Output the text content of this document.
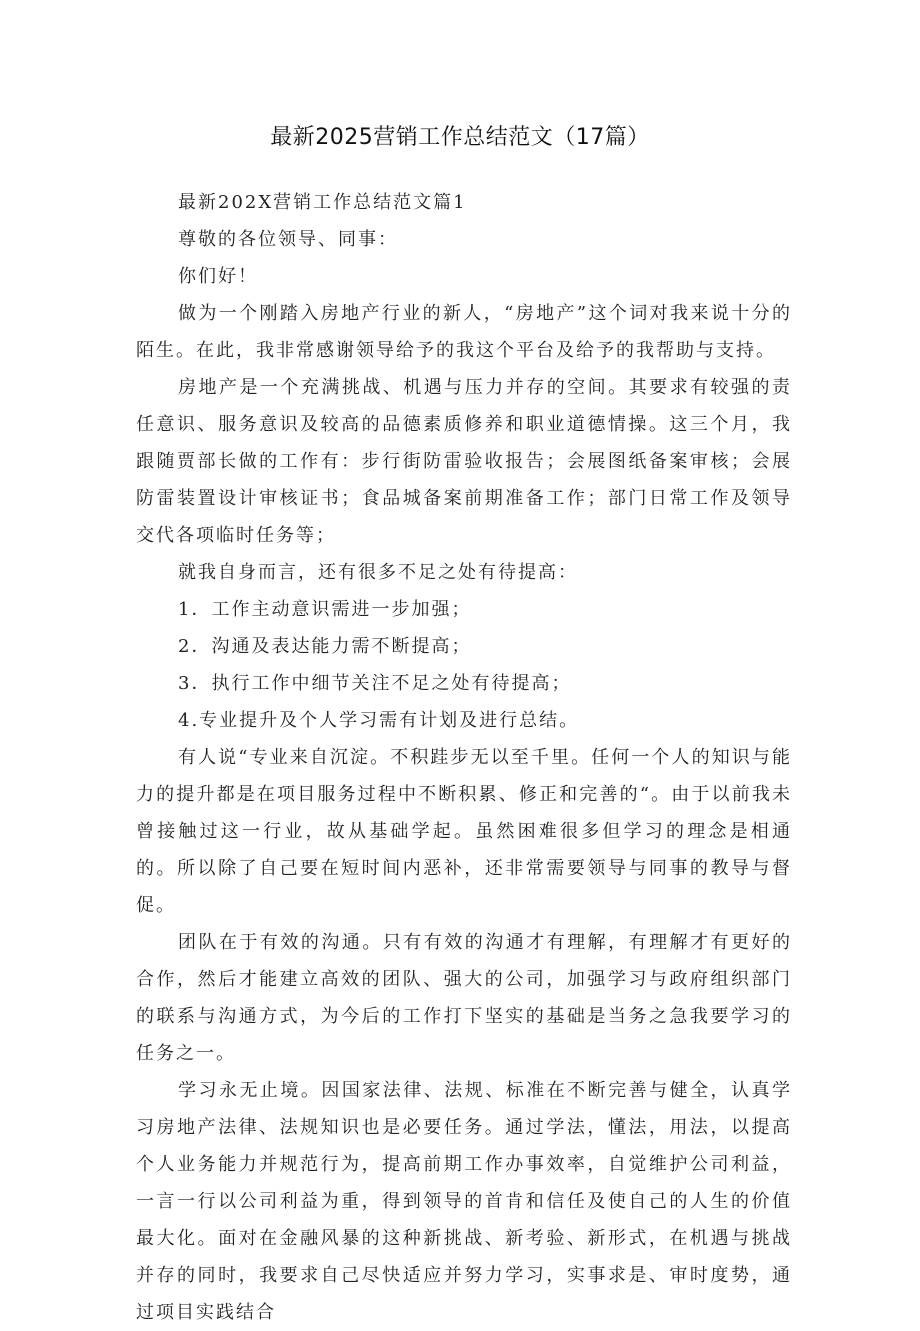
最新2025营销工作总结范文（17篇）

最新202X营销工作总结范文篇1

尊敬的各位领导、同事：

你们好！

做为一个刚踏入房地产行业的新人，“房地产”这个词对我来说十分的陌生。在此，我非常感谢领导给予的我这个平台及给予的我帮助与支持。

房地产是一个充满挑战、机遇与压力并存的空间。其要求有较强的责任意识、服务意识及较高的品德素质修养和职业道德情操。这三个月，我跟随贾部长做的工作有：步行街防雷验收报告；会展图纸备案审核；会展防雷装置设计审核证书；食品城备案前期准备工作；部门日常工作及领导交代各项临时任务等；

就我自身而言，还有很多不足之处有待提高：

1．工作主动意识需进一步加强；

2．沟通及表达能力需不断提高；

3．执行工作中细节关注不足之处有待提高；

4.专业提升及个人学习需有计划及进行总结。

有人说“专业来自沉淀。不积跬步无以至千里。任何一个人的知识与能力的提升都是在项目服务过程中不断积累、修正和完善的“。由于以前我未曾接触过这一行业，故从基础学起。虽然困难很多但学习的理念是相通的。所以除了自己要在短时间内恶补，还非常需要领导与同事的教导与督促。

团队在于有效的沟通。只有有效的沟通才有理解，有理解才有更好的合作，然后才能建立高效的团队、强大的公司，加强学习与政府组织部门的联系与沟通方式，为今后的工作打下坚实的基础是当务之急我要学习的任务之一。

学习永无止境。因国家法律、法规、标准在不断完善与健全，认真学习房地产法律、法规知识也是必要任务。通过学法，懂法，用法，以提高个人业务能力并规范行为，提高前期工作办事效率，自觉维护公司利益，一言一行以公司利益为重，得到领导的首肯和信任及使自己的人生的价值最大化。面对在金融风暴的这种新挑战、新考验、新形式，在机遇与挑战并存的同时，我要求自己尽快适应并努力学习，实事求是、审时度势，通过项目实践结合
